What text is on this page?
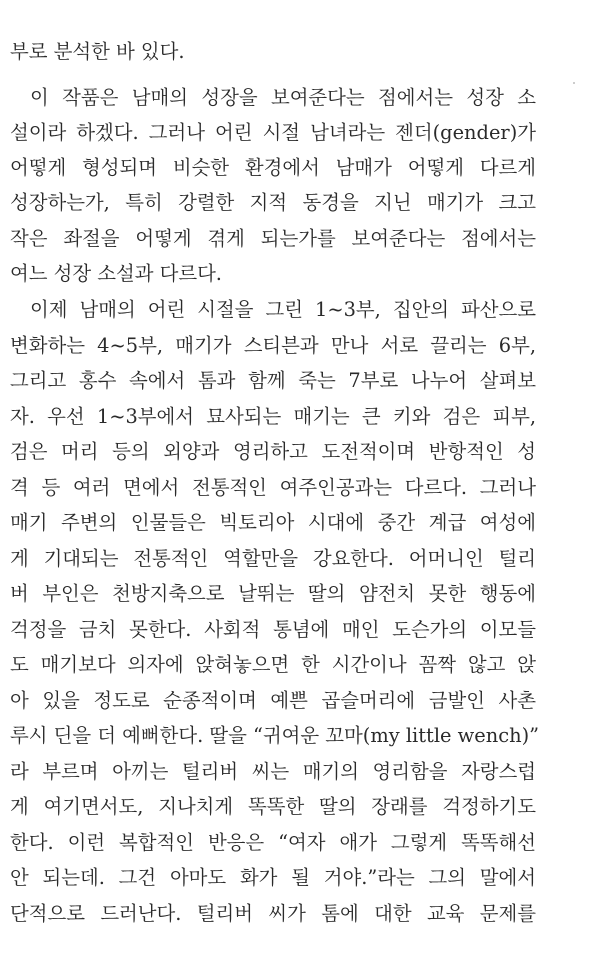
부로 분석한 바 있다.
이 작품은 남매의 성장을 보여준다는 점에서는 성장 소
설이라 하겠다. 그러나 어린 시절 남녀라는 젠더(gender)가
어떻게 형성되며 비슷한 환경에서 남매가 어떻게 다르게
성장하는가, 특히 강렬한 지적 동경을 지닌 매기가 크고
작은 좌절을 어떻게 겪게 되는가를 보여준다는 점에서는
여느 성장 소설과 다르다.
이제 남매의 어린 시절을 그린 1~3부, 집안의 파산으로
변화하는 4~5부, 매기가 스티븐과 만나 서로 끌리는 6부,
그리고 홍수 속에서 톰과 함께 죽는 7부로 나누어 살펴보
자. 우선 1~3부에서 묘사되는 매기는 큰 키와 검은 피부,
검은 머리 등의 외양과 영리하고 도전적이며 반항적인 성
격 등 여러 면에서 전통적인 여주인공과는 다르다. 그러나
매기 주변의 인물들은 빅토리아 시대에 중간 계급 여성에
게 기대되는 전통적인 역할만을 강요한다. 어머니인 털리
버 부인은 천방지축으로 날뛰는 딸의 얌전치 못한 행동에
걱정을 금치 못한다. 사회적 통념에 매인 도슨가의 이모들
도 매기보다 의자에 앉혀놓으면 한 시간이나 꼼짝 않고 앉
아 있을 정도로 순종적이며 예쁜 곱슬머리에 금발인 사촌
루시 딘을 더 예뻐한다. 딸을 “귀여운 꼬마(my little wench)”
라 부르며 아끼는 털리버 씨는 매기의 영리함을 자랑스럽
게 여기면서도, 지나치게 똑똑한 딸의 장래를 걱정하기도
한다. 이런 복합적인 반응은 “여자 애가 그렇게 똑똑해선
안 되는데. 그건 아마도 화가 될 거야.”라는 그의 말에서
단적으로 드러난다. 털리버 씨가 톰에 대한 교육 문제를
